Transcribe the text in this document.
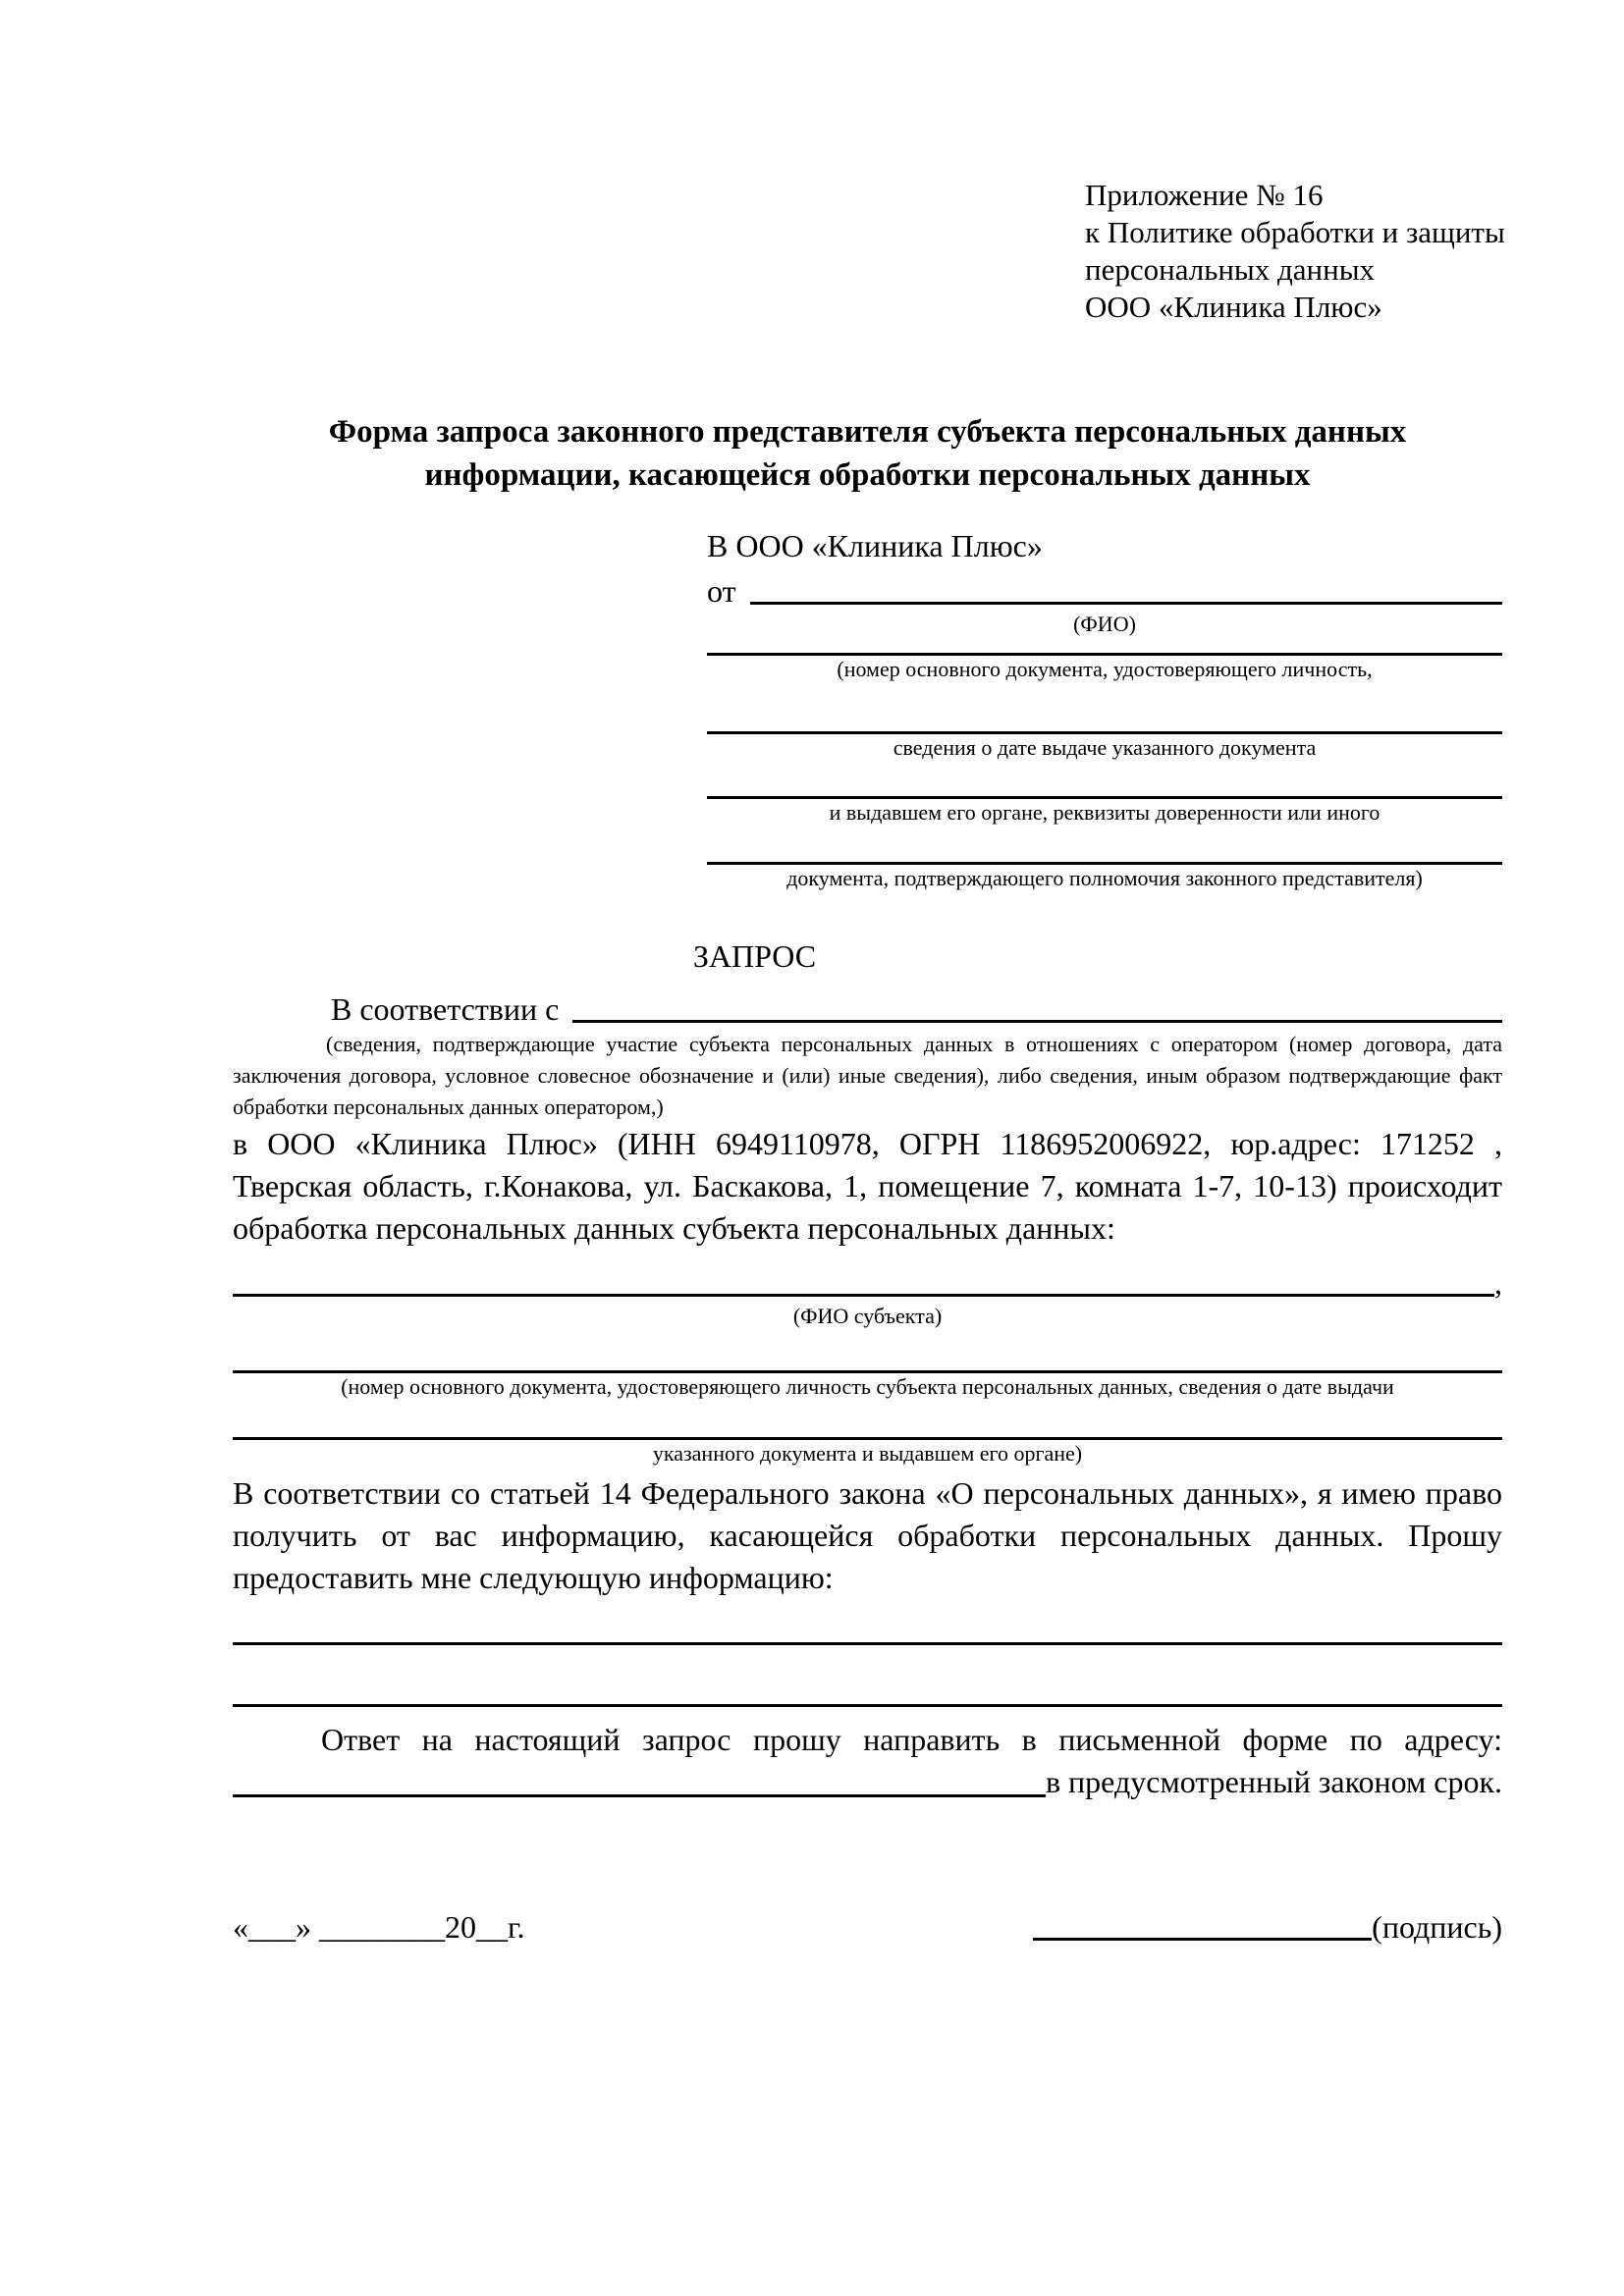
Приложение № 16
к Политике обработки и защиты
персональных данных
ООО «Клиника Плюс»
Форма запроса законного представителя субъекта персональных данных
информации, касающейся обработки персональных данных
В ООО «Клиника Плюс»
от
(ФИО)
(номер основного документа, удостоверяющего личность,
сведения о дате выдаче указанного документа
и выдавшем его органе, реквизиты доверенности или иного
документа, подтверждающего полномочия законного представителя)
ЗАПРОС
В соответствии с
(сведения, подтверждающие участие субъекта персональных данных в отношениях с оператором (номер договора, дата заключения договора, условное словесное обозначение и (или) иные сведения), либо сведения, иным образом подтверждающие факт обработки персональных данных оператором,)
в ООО «Клиника Плюс» (ИНН 6949110978, ОГРН 1186952006922, юр.адрес: 171252 , Тверская область, г.Конакова, ул. Баскакова, 1, помещение 7, комната 1-7, 10-13) происходит обработка персональных данных субъекта персональных данных:
,
(ФИО субъекта)
(номер основного документа, удостоверяющего личность субъекта персональных данных, сведения о дате выдачи
указанного документа и выдавшем его органе)
В соответствии со статьей 14 Федерального закона «О персональных данных», я имею право получить от вас информацию, касающейся обработки персональных данных. Прошу предоставить мне следующую информацию:
Ответ на настоящий запрос прошу направить в письменной форме по адресу:
в предусмотренный законом срок.
«___» ________20__г.	(подпись)
